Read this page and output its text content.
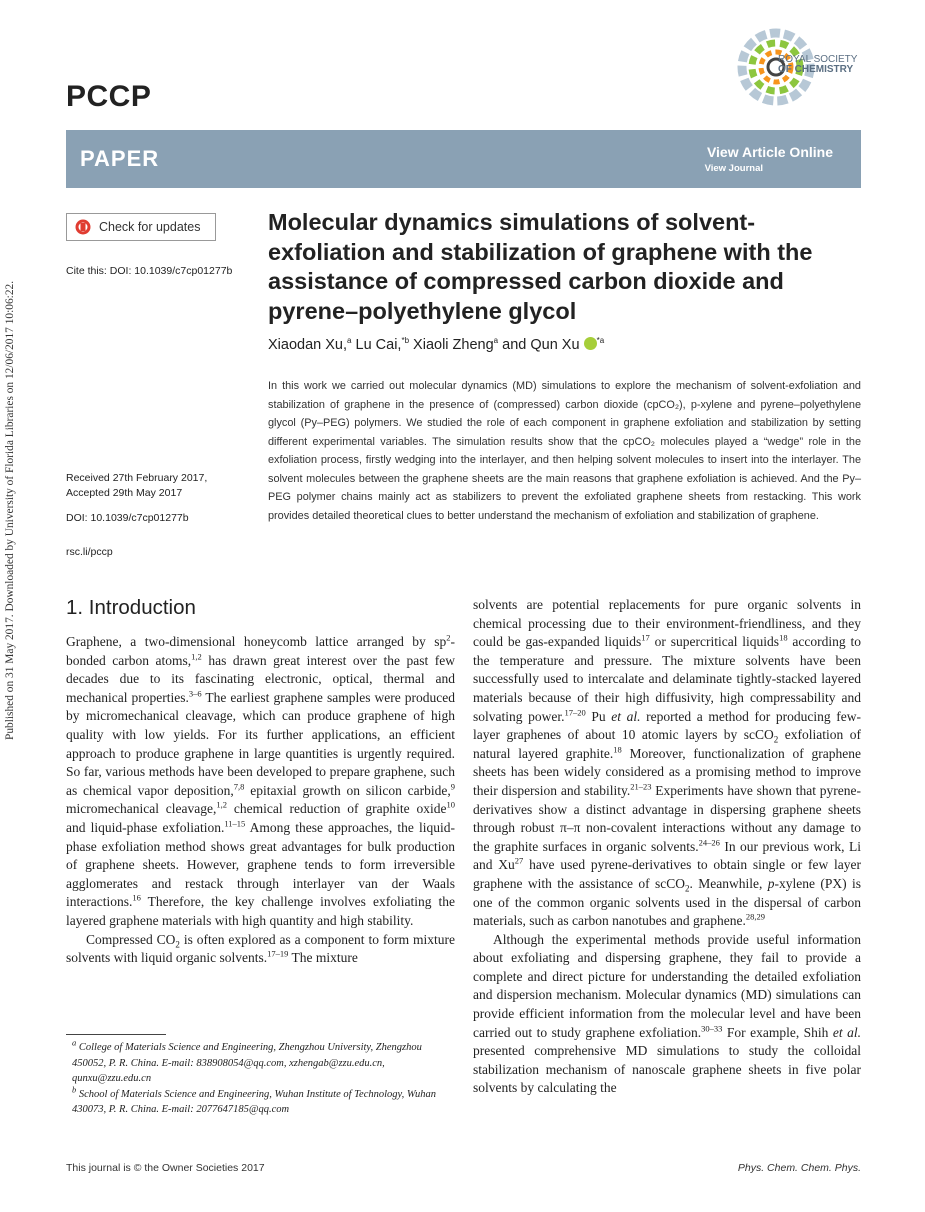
Published on 31 May 2017. Downloaded by University of Florida Libraries on 12/06/2017 10:06:22.
PCCP
ROYAL SOCIETY
OF CHEMISTRY
PAPER	View Article Online
View Journal
Check for updates
Cite this: DOI: 10.1039/c7cp01277b
Received 27th February 2017,
Accepted 29th May 2017
DOI: 10.1039/c7cp01277b
rsc.li/pccp
Molecular dynamics simulations of solvent-exfoliation and stabilization of graphene with the assistance of compressed carbon dioxide and pyrene–polyethylene glycol
Xiaodan Xu,$^a$ Lu Cai,$^{*b}$ Xiaoli Zheng$^a$ and Qun Xu $^{*a}$
In this work we carried out molecular dynamics (MD) simulations to explore the mechanism of solvent-exfoliation and stabilization of graphene in the presence of (compressed) carbon dioxide (cpCO₂), p-xylene and pyrene–polyethylene glycol (Py–PEG) polymers. We studied the role of each component in graphene exfoliation and stabilization by setting different experimental variables. The simulation results show that the cpCO₂ molecules played a “wedge” role in the exfoliation process, firstly wedging into the interlayer, and then helping solvent molecules to insert into the interlayer. The solvent molecules between the graphene sheets are the main reasons that graphene exfoliation is achieved. And the Py–PEG polymer chains mainly act as stabilizers to prevent the exfoliated graphene sheets from restacking. This work provides detailed theoretical clues to better understand the mechanism of exfoliation and stabilization of graphene.
1. Introduction

Graphene, a two-dimensional honeycomb lattice arranged by $sp^2$-bonded carbon atoms,$^{1,2}$ has drawn great interest over the past few decades due to its fascinating electronic, optical, thermal and mechanical properties.$^{3-6}$ The earliest graphene samples were produced by micromechanical cleavage, which can produce graphene of high quality with low yields. For its further applications, an efficient approach to produce graphene in large quantities is urgently required. So far, various methods have been developed to prepare graphene, such as chemical vapor deposition,$^{7,8}$ epitaxial growth on silicon carbide,$^9$ micromechanical cleavage,$^{1,2}$ chemical reduction of graphite oxide$^{10}$ and liquid-phase exfoliation.$^{11-15}$ Among these approaches, the liquid-phase exfoliation method shows great advantages for bulk production of graphene sheets. However, graphene tends to form irreversible agglomerates and restack through interlayer van der Waals interactions.$^{16}$ Therefore, the key challenge involves exfoliating the layered graphene materials with high quantity and high stability.

Compressed $CO_2$ is often explored as a component to form mixture solvents with liquid organic solvents.$^{17-19}$ The mixture

solvents are potential replacements for pure organic solvents in chemical processing due to their environment-friendliness, and they could be gas-expanded liquids$^{17}$ or supercritical liquids$^{18}$ according to the temperature and pressure. The mixture solvents have been successfully used to intercalate and delaminate tightly-stacked layered materials because of their high diffusivity, high compressability and solvating power.$^{17-20}$ Pu et al. reported a method for producing few-layer graphenes of about 10 atomic layers by scCO$_2$ exfoliation of natural layered graphite.$^{18}$ Moreover, functionalization of graphene sheets has been widely considered as a promising method to improve their dispersion and stability.$^{21-23}$ Experiments have shown that pyrene-derivatives show a distinct advantage in dispersing graphene sheets through robust π–π non-covalent interactions without any damage to the graphite surfaces in organic solvents.$^{24-26}$ In our previous work, Li and Xu$^{27}$ have used pyrene-derivatives to obtain single or few layer graphene with the assistance of scCO$_2$. Meanwhile, p-xylene (PX) is one of the common organic solvents used in the dispersal of carbon materials, such as carbon nanotubes and graphene.$^{28,29}$

Although the experimental methods provide useful information about exfoliating and dispersing graphene, they fail to provide a complete and direct picture for understanding the detailed exfoliation and dispersion mechanism. Molecular dynamics (MD) simulations can provide efficient information from the molecular level and have been carried out to study graphene exfoliation.$^{30-33}$ For example, Shih et al. presented comprehensive MD simulations to study the colloidal stabilization mechanism of nanoscale graphene sheets in five polar solvents by calculating the

$^a$ College of Materials Science and Engineering, Zhengzhou University, Zhengzhou 450052, P. R. China. E-mail: 838908054@qq.com, xzhengab@zzu.edu.cn, qunxu@zzu.edu.cn

$^b$ School of Materials Science and Engineering, Wuhan Institute of Technology, Wuhan 430073, P. R. China. E-mail: 2077647185@qq.com

This journal is © the Owner Societies 2017	Phys. Chem. Chem. Phys.
